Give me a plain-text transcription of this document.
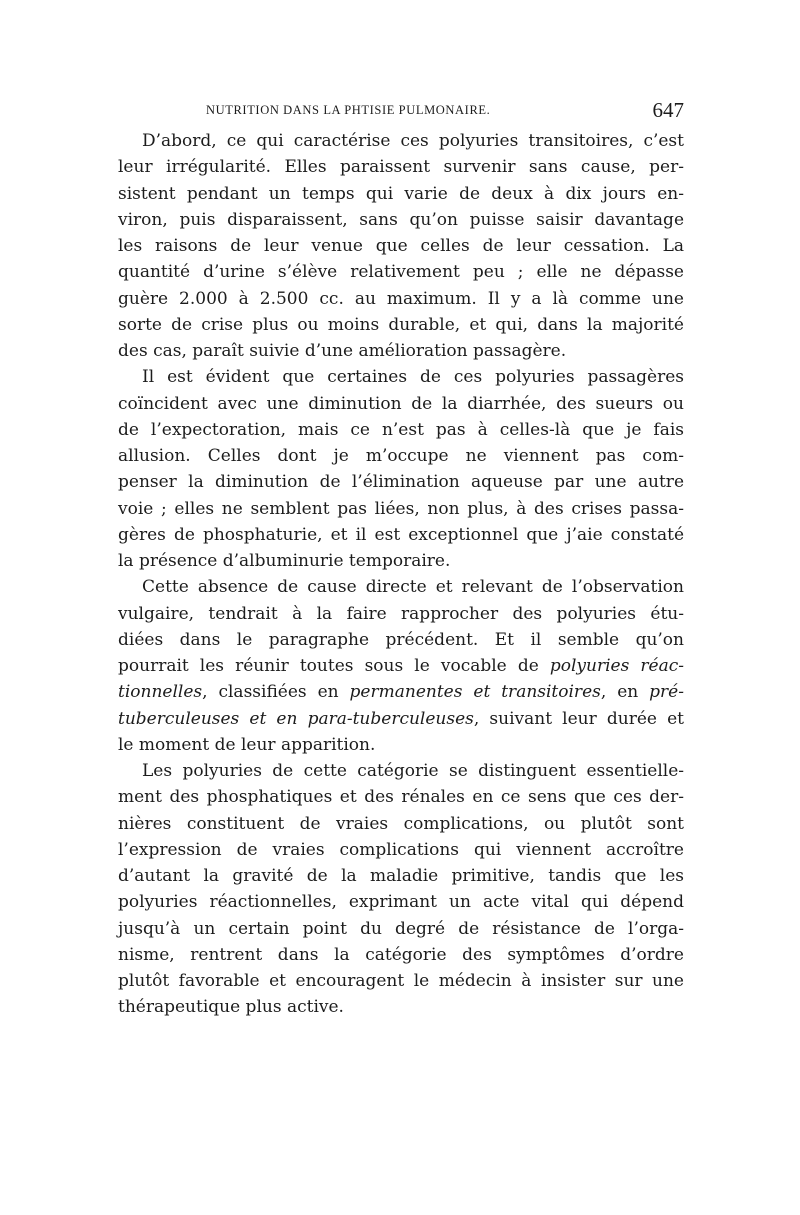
NUTRITION DANS LA PHTISIE PULMONAIRE.	647
D’abord, ce qui caractérise ces polyuries transitoires, c’est
leur irrégularité. Elles paraissent survenir sans cause, per-
sistent pendant un temps qui varie de deux à dix jours en-
viron, puis disparaissent, sans qu’on puisse saisir davantage
les raisons de leur venue que celles de leur cessation. La
quantité d’urine s’élève relativement peu ; elle ne dépasse
guère 2.000 à 2.500 cc. au maximum. Il y a là comme une
sorte de crise plus ou moins durable, et qui, dans la majorité
des cas, paraît suivie d’une amélioration passagère.
Il est évident que certaines de ces polyuries passagères
coïncident avec une diminution de la diarrhée, des sueurs ou
de l’expectoration, mais ce n’est pas à celles-là que je fais
allusion. Celles dont je m’occupe ne viennent pas com-
penser la diminution de l’élimination aqueuse par une autre
voie ; elles ne semblent pas liées, non plus, à des crises passa-
gères de phosphaturie, et il est exceptionnel que j’aie constaté
la présence d’albuminurie temporaire.
Cette absence de cause directe et relevant de l’observation
vulgaire, tendrait à la faire rapprocher des polyuries étu-
diées dans le paragraphe précédent. Et il semble qu’on
pourrait les réunir toutes sous le vocable de polyuries réac-
tionnelles, classifiées en permanentes et transitoires, en pré-
tuberculeuses et en para-tuberculeuses, suivant leur durée et
le moment de leur apparition.
Les polyuries de cette catégorie se distinguent essentielle-
ment des phosphatiques et des rénales en ce sens que ces der-
nières constituent de vraies complications, ou plutôt sont
l’expression de vraies complications qui viennent accroître
d’autant la gravité de la maladie primitive, tandis que les
polyuries réactionnelles, exprimant un acte vital qui dépend
jusqu’à un certain point du degré de résistance de l’orga-
nisme, rentrent dans la catégorie des symptômes d’ordre
plutôt favorable et encouragent le médecin à insister sur une
thérapeutique plus active.
